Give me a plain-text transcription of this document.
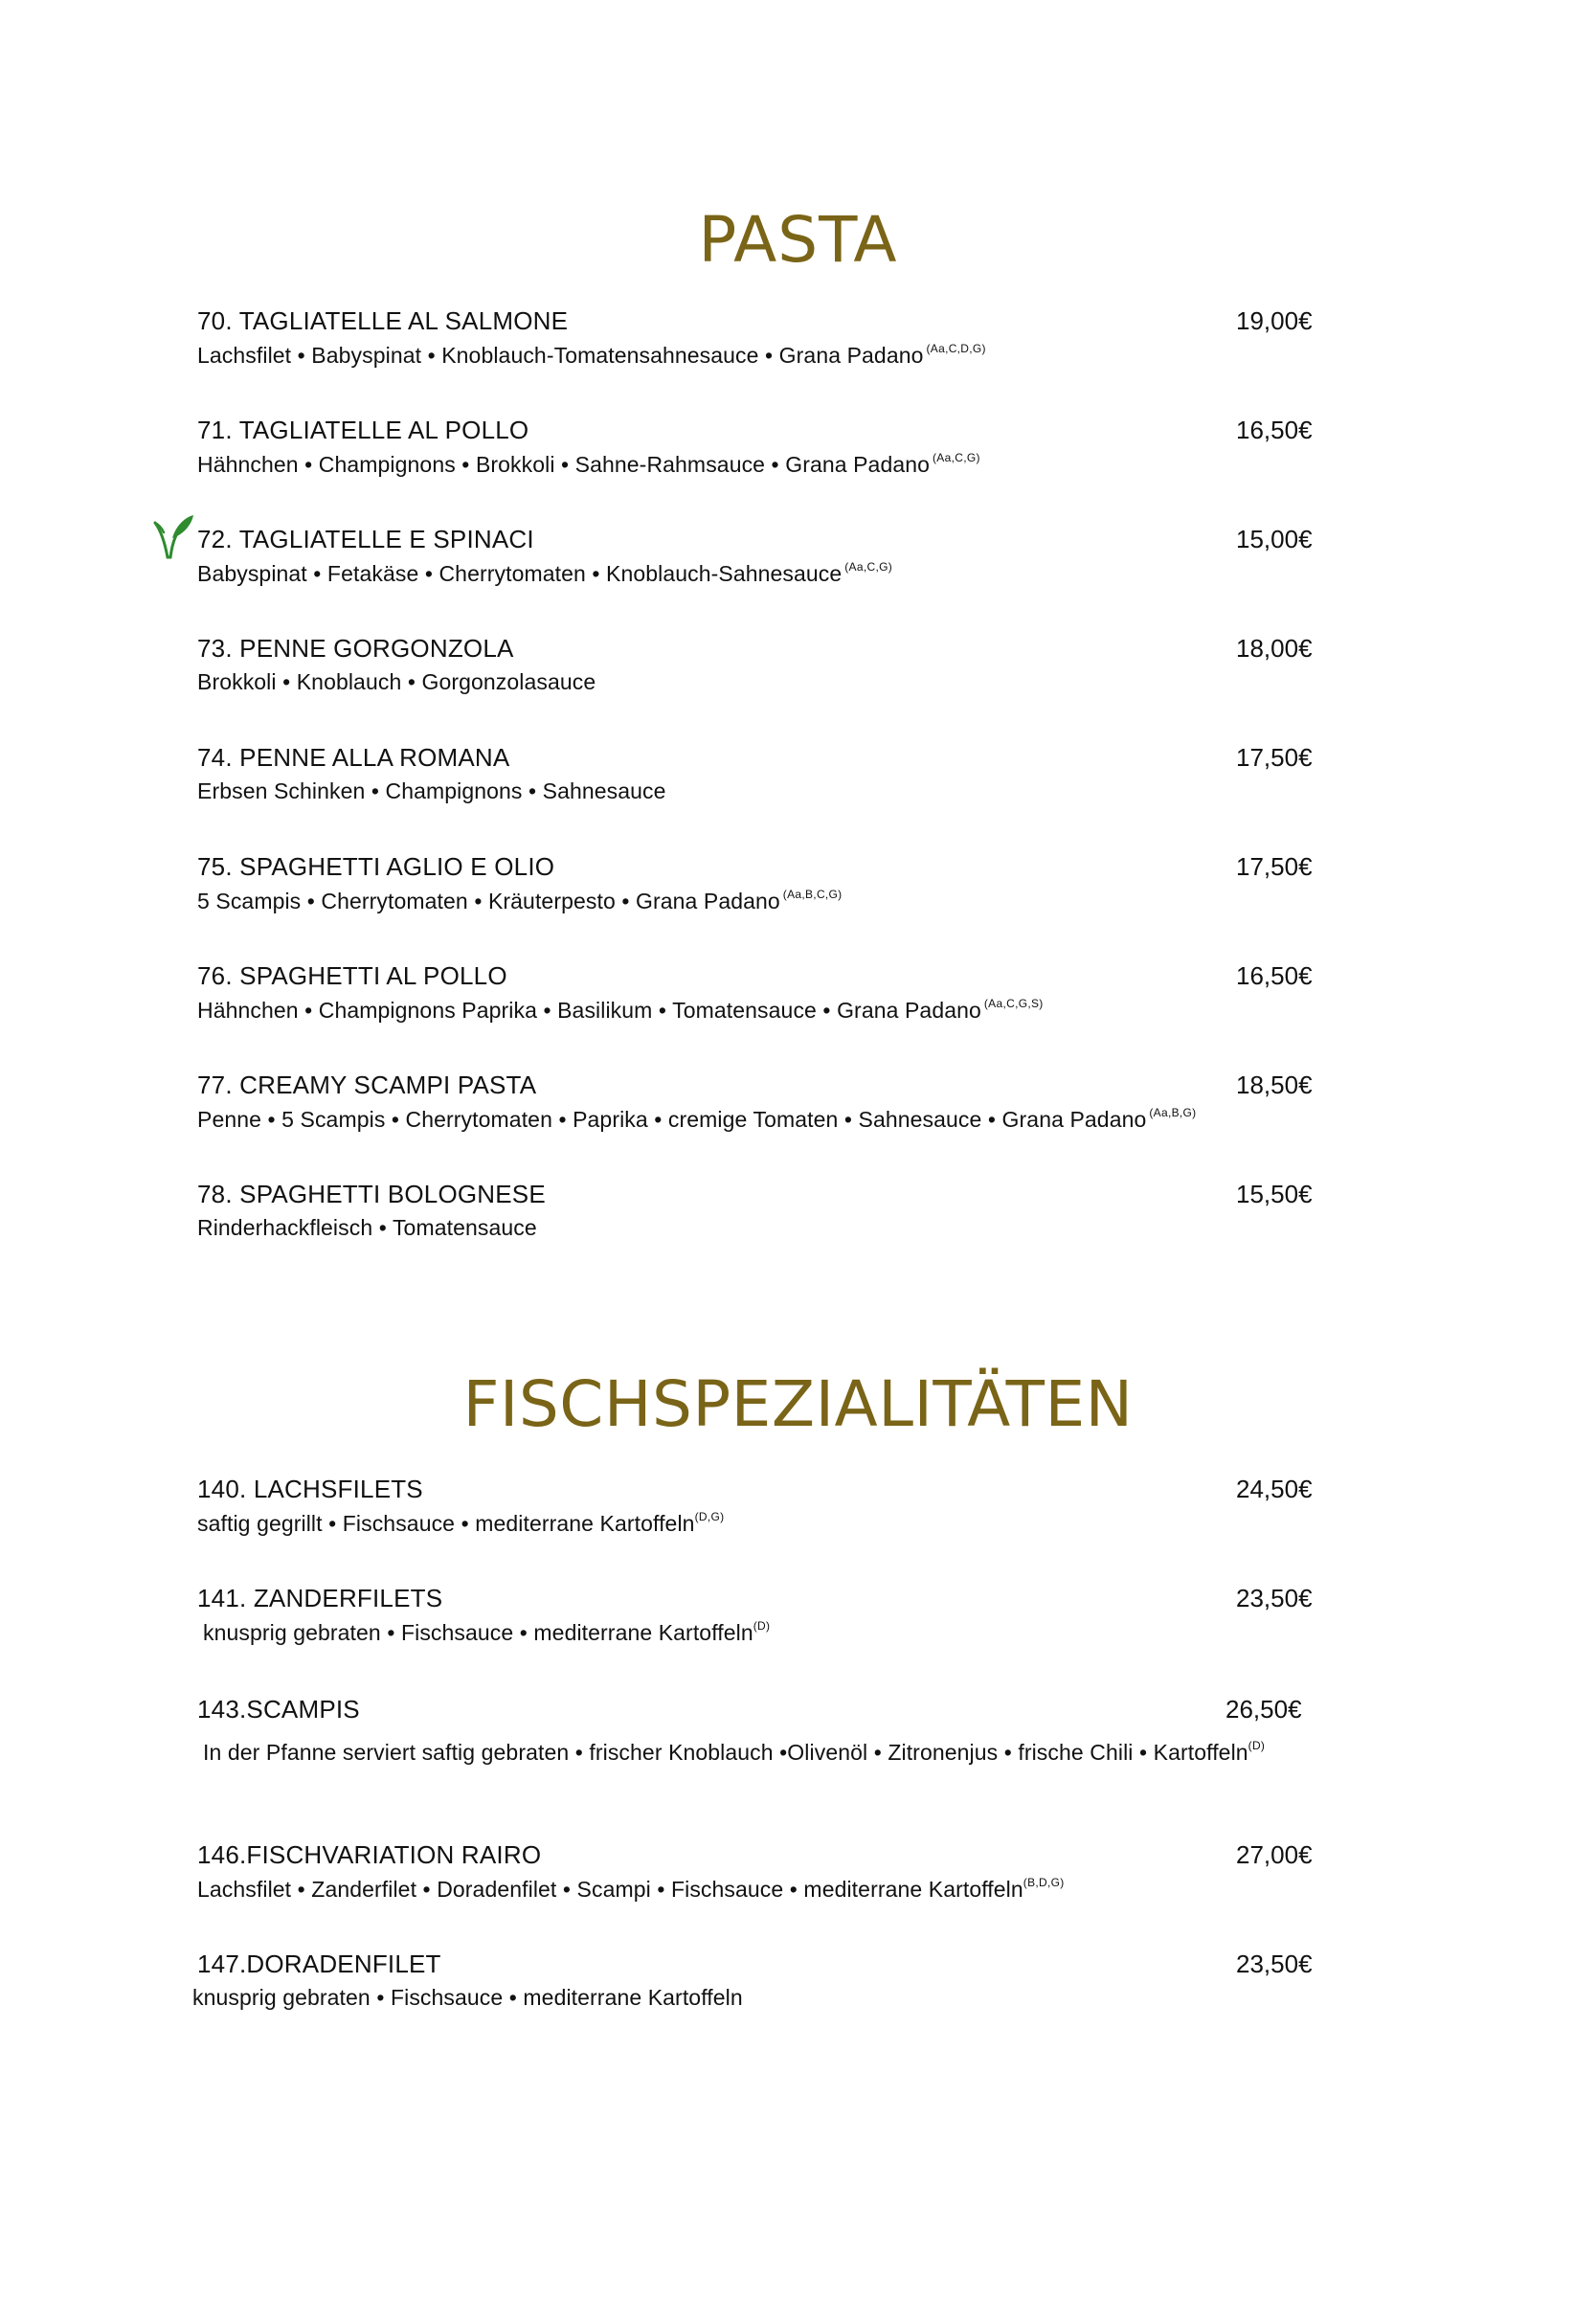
PASTA
70. TAGLIATELLE AL SALMONE	19,00€
Lachsfilet • Babyspinat • Knoblauch-Tomatensahnesauce • Grana Padano $^{(Aa,C,D,G)}$
71. TAGLIATELLE AL POLLO	16,50€
Hähnchen • Champignons • Brokkoli • Sahne-Rahmsauce • Grana Padano $^{(Aa,C,G)}$
72. TAGLIATELLE E SPINACI	15,00€
Babyspinat • Fetakäse • Cherrytomaten • Knoblauch-Sahnesauce $^{(Aa,C,G)}$
73. PENNE GORGONZOLA	18,00€
Brokkoli • Knoblauch • Gorgonzolasauce
74. PENNE ALLA ROMANA	17,50€
Erbsen Schinken • Champignons • Sahnesauce
75. SPAGHETTI AGLIO E OLIO	17,50€
5 Scampis • Cherrytomaten • Kräuterpesto • Grana Padano $^{(Aa,B,C,G)}$
76. SPAGHETTI AL POLLO	16,50€
Hähnchen • Champignons Paprika • Basilikum • Tomatensauce • Grana Padano $^{(Aa,C,G,S)}$
77. CREAMY SCAMPI PASTA	18,50€
Penne • 5 Scampis • Cherrytomaten • Paprika • cremige Tomaten • Sahnesauce • Grana Padano $^{(Aa,B,G)}$
78. SPAGHETTI BOLOGNESE	15,50€
Rinderhackfleisch • Tomatensauce
FISCHSPEZIALITÄTEN
140. LACHSFILETS	24,50€
saftig gegrillt • Fischsauce • mediterrane Kartoffeln$^{(D,G)}$
141. ZANDERFILETS	23,50€
knusprig gebraten • Fischsauce • mediterrane Kartoffeln$^{(D)}$
143.SCAMPIS	26,50€
In der Pfanne serviert saftig gebraten • frischer Knoblauch •Olivenöl • Zitronenjus • frische Chili • Kartoffeln$^{(D)}$
146.FISCHVARIATION RAIRO	27,00€
Lachsfilet • Zanderfilet • Doradenfilet • Scampi • Fischsauce • mediterrane Kartoffeln$^{(B,D,G)}$
147.DORADENFILET	23,50€
knusprig gebraten • Fischsauce • mediterrane Kartoffeln
